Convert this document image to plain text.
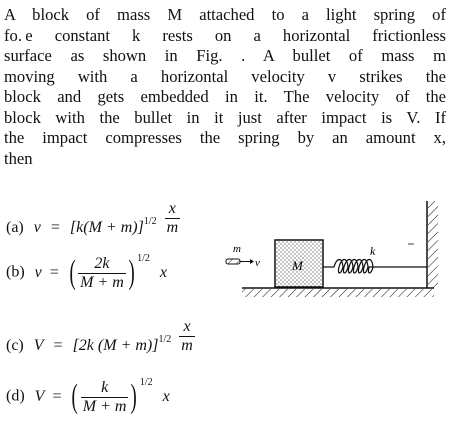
A block of mass M attached to a light spring of
fo. e constant k rests on a horizontal frictionless
surface as shown in Fig. . A bullet of mass m
moving with a horizontal velocity v strikes the
block and gets embedded in it. The velocity of the
block with the bullet in it just after impact is V. If
the impact compresses the spring by an amount x,
then
(a) $v = [k(M + m)]1/2 \frac{x}{m}$
(b) v = ( $\frac{2k}{M + m}$ ) $^{1/2}$ x
(c) V = [2k $(M + m)]1/2 \frac{x}{m}$
(d) V = ( $\frac{k}{M + m}$ ) $^{1/2}$ x
M
k
m
v
